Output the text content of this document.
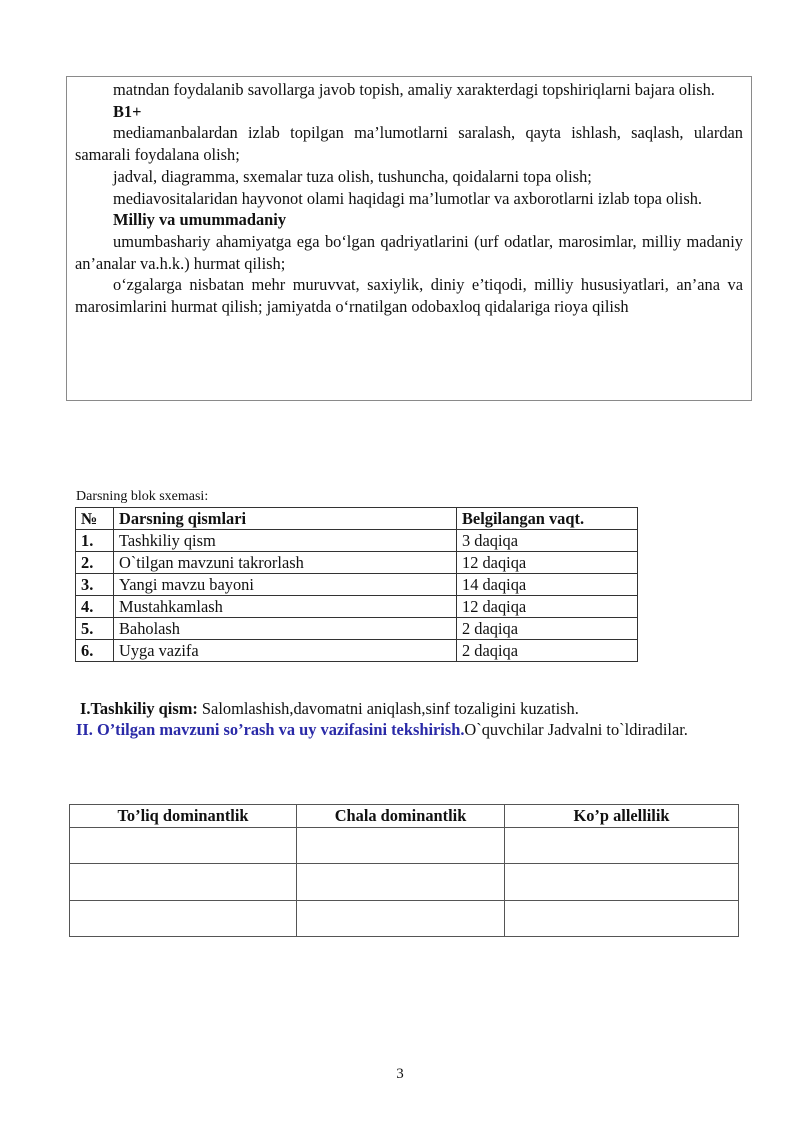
matndan foydalanib savollarga javob topish, amaliy xarakterdagi topshiriqlarni bajara olish.

B1+

mediamanbalardan izlab topilgan ma’lumotlarni saralash, qayta ishlash, saqlash, ulardan samarali foydalana olish;

jadval, diagramma, sxemalar tuza olish, tushuncha, qoidalarni topa olish;

mediavositalaridan hayvonot olami haqidagi ma’lumotlar va axborotlarni izlab topa olish.

Milliy va umummadaniy

umumbashariy ahamiyatga ega bo‘lgan qadriyatlarini (urf odatlar, marosimlar, milliy madaniy an’analar va.h.k.) hurmat qilish;

o‘zgalarga nisbatan mehr muruvvat, saxiylik, diniy e’tiqodi, milliy hususiyatlari, an’ana va marosimlarini hurmat qilish; jamiyatda o‘rnatilgan odobaxloq qidalariga rioya qilish

Darsning blok sxemasi:
№	Darsning qismlari	Belgilangan vaqt.
1.	Tashkiliy qism	3 daqiqa
2.	O`tilgan mavzuni takrorlash	12 daqiqa
3.	Yangi mavzu bayoni	14 daqiqa
4.	Mustahkamlash	12 daqiqa
5.	Baholash	2 daqiqa
6.	Uyga vazifa	2 daqiqa
I.Tashkiliy qism: Salomlashish,davomatni aniqlash,sinf tozaligini kuzatish.
II. O’tilgan mavzuni so’rash va uy vazifasini tekshirish.O`quvchilar Jadvalni to`ldiradilar.
To’liq dominantlik	Chala dominantlik	Ko’p allellilik

3
